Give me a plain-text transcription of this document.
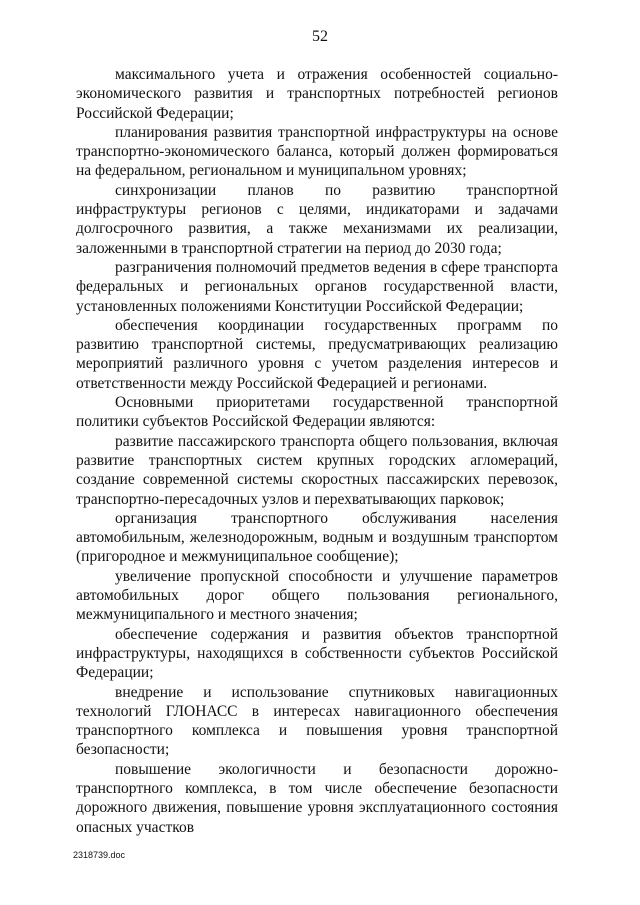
52

максимального учета и отражения особенностей социально-экономического развития и транспортных потребностей регионов Российской Федерации;

планирования развития транспортной инфраструктуры на основе транспортно-экономического баланса, который должен формироваться на федеральном, региональном и муниципальном уровнях;

синхронизации планов по развитию транспортной инфраструктуры регионов с целями, индикаторами и задачами долгосрочного развития, а также механизмами их реализации, заложенными в транспортной стратегии на период до 2030 года;

разграничения полномочий предметов ведения в сфере транспорта федеральных и региональных органов государственной власти, установленных положениями Конституции Российской Федерации;

обеспечения координации государственных программ по развитию транспортной системы, предусматривающих реализацию мероприятий различного уровня с учетом разделения интересов и ответственности между Российской Федерацией и регионами.

Основными приоритетами государственной транспортной политики субъектов Российской Федерации являются:

развитие пассажирского транспорта общего пользования, включая развитие транспортных систем крупных городских агломераций, создание современной системы скоростных пассажирских перевозок, транспортно-пересадочных узлов и перехватывающих парковок;

организация транспортного обслуживания населения автомобильным, железнодорожным, водным и воздушным транспортом (пригородное и межмуниципальное сообщение);

увеличение пропускной способности и улучшение параметров автомобильных дорог общего пользования регионального, межмуниципального и местного значения;

обеспечение содержания и развития объектов транспортной инфраструктуры, находящихся в собственности субъектов Российской Федерации;

внедрение и использование спутниковых навигационных технологий ГЛОНАСС в интересах навигационного обеспечения транспортного комплекса и повышения уровня транспортной безопасности;

повышение экологичности и безопасности дорожно-транспортного комплекса, в том числе обеспечение безопасности дорожного движения, повышение уровня эксплуатационного состояния опасных участков

2318739.doc
